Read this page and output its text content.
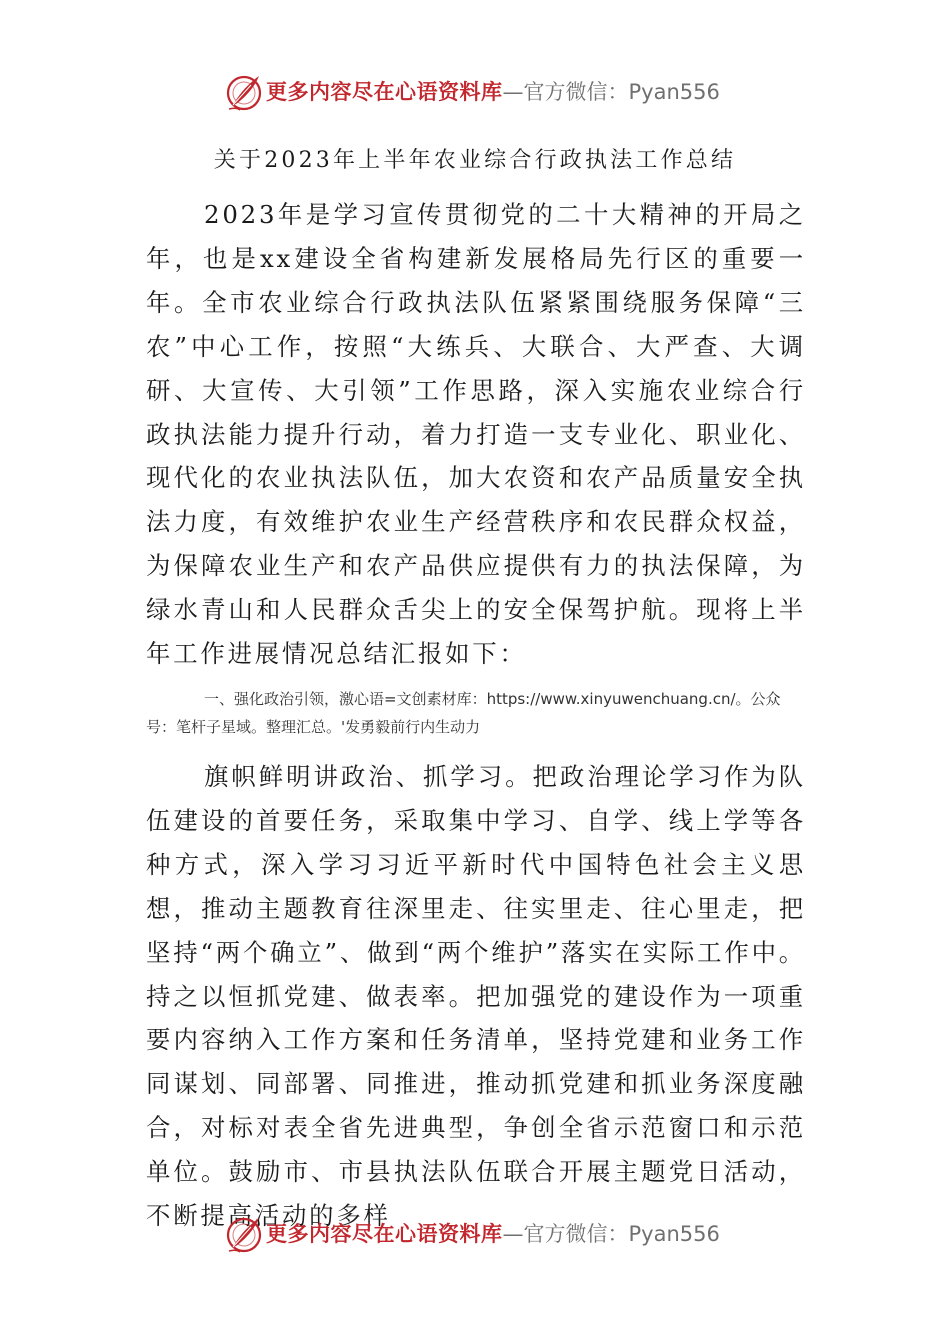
更多内容尽在心语资料库—官方微信：Pyan556
关于2023年上半年农业综合行政执法工作总结

2023年是学习宣传贯彻党的二十大精神的开局之年，也是xx建设全省构建新发展格局先行区的重要一年。全市农业综合行政执法队伍紧紧围绕服务保障“三农”中心工作，按照“大练兵、大联合、大严查、大调研、大宣传、大引领”工作思路，深入实施农业综合行政执法能力提升行动，着力打造一支专业化、职业化、现代化的农业执法队伍，加大农资和农产品质量安全执法力度，有效维护农业生产经营秩序和农民群众权益，为保障农业生产和农产品供应提供有力的执法保障，为绿水青山和人民群众舌尖上的安全保驾护航。现将上半年工作进展情况总结汇报如下：

一、强化政治引领，激心语=文创素材库：https://www.xinyuwenchuang.cn/。公众号：笔杆子星域。整理汇总。'发勇毅前行内生动力

旗帜鲜明讲政治、抓学习。把政治理论学习作为队伍建设的首要任务，采取集中学习、自学、线上学等各种方式，深入学习习近平新时代中国特色社会主义思想，推动主题教育往深里走、往实里走、往心里走，把坚持“两个确立”、做到“两个维护”落实在实际工作中。持之以恒抓党建、做表率。把加强党的建设作为一项重要内容纳入工作方案和任务清单，坚持党建和业务工作同谋划、同部署、同推进，推动抓党建和抓业务深度融合，对标对表全省先进典型，争创全省示范窗口和示范单位。鼓励市、市县执法队伍联合开展主题党日活动，不断提高活动的多样

更多内容尽在心语资料库—官方微信：Pyan556
